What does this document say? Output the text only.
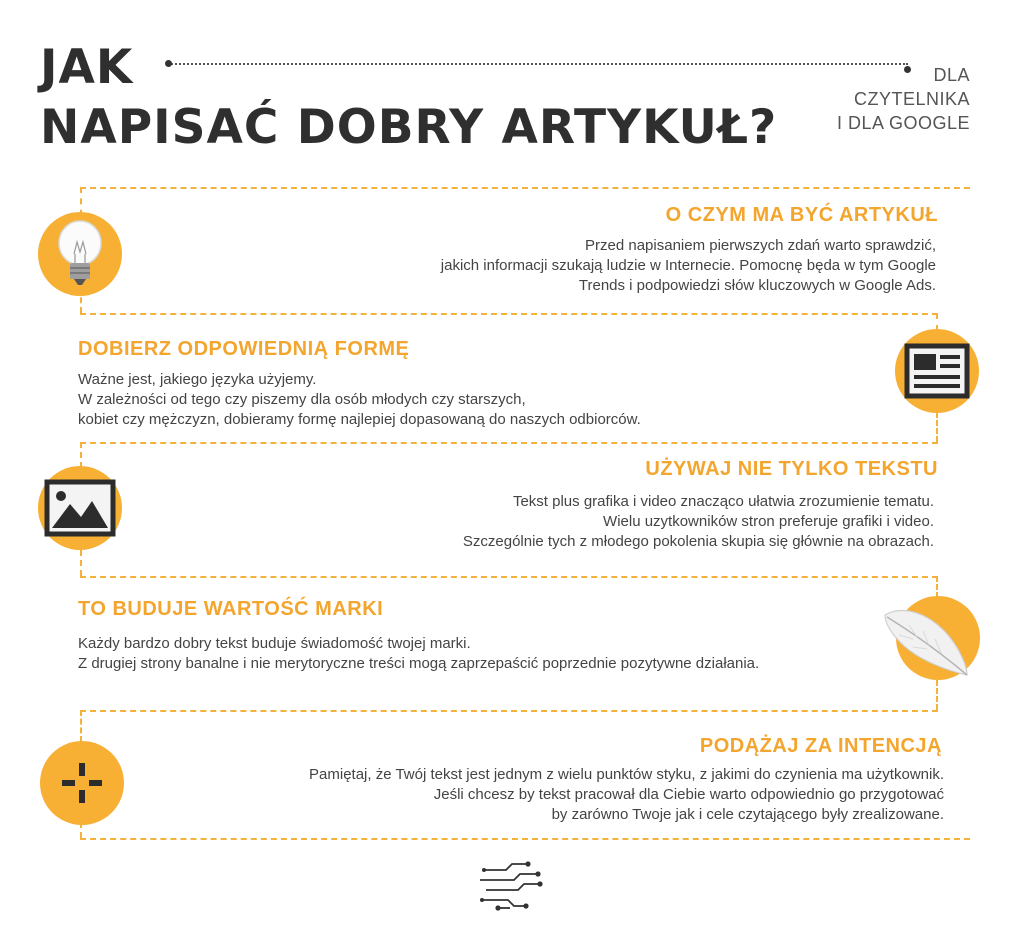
JAK
NAPISAĆ DOBRY ARTYKUŁ?
DLA
CZYTELNIKA
I DLA GOOGLE
O CZYM MA BYĆ ARTYKUŁ
Przed napisaniem pierwszych zdań warto sprawdzić,
jakich informacji szukają ludzie w Internecie. Pomocnę będa w tym Google
Trends i podpowiedzi słów kluczowych w Google Ads.
DOBIERZ ODPOWIEDNIĄ FORMĘ
Ważne jest, jakiego języka użyjemy.
W zależności od tego czy piszemy dla osób młodych czy starszych,
kobiet czy mężczyzn, dobieramy formę najlepiej dopasowaną do naszych odbiorców.
UŻYWAJ NIE TYLKO TEKSTU
Tekst plus grafika i video znacząco ułatwia zrozumienie tematu.
Wielu uzytkowników stron preferuje grafiki i video.
Szczególnie tych z młodego pokolenia skupia się głównie na obrazach.
TO BUDUJE WARTOŚĆ MARKI
Każdy bardzo dobry tekst buduje świadomość twojej marki.
Z drugiej strony banalne i nie merytoryczne treści mogą zaprzepaścić poprzednie pozytywne działania.
PODĄŻAJ ZA INTENCJĄ
Pamiętaj, że Twój tekst jest jednym z wielu punktów styku, z jakimi do czynienia ma użytkownik.
Jeśli chcesz by tekst pracował dla Ciebie warto odpowiednio go przygotować
by zarówno Twoje jak i cele czytającego były zrealizowane.
